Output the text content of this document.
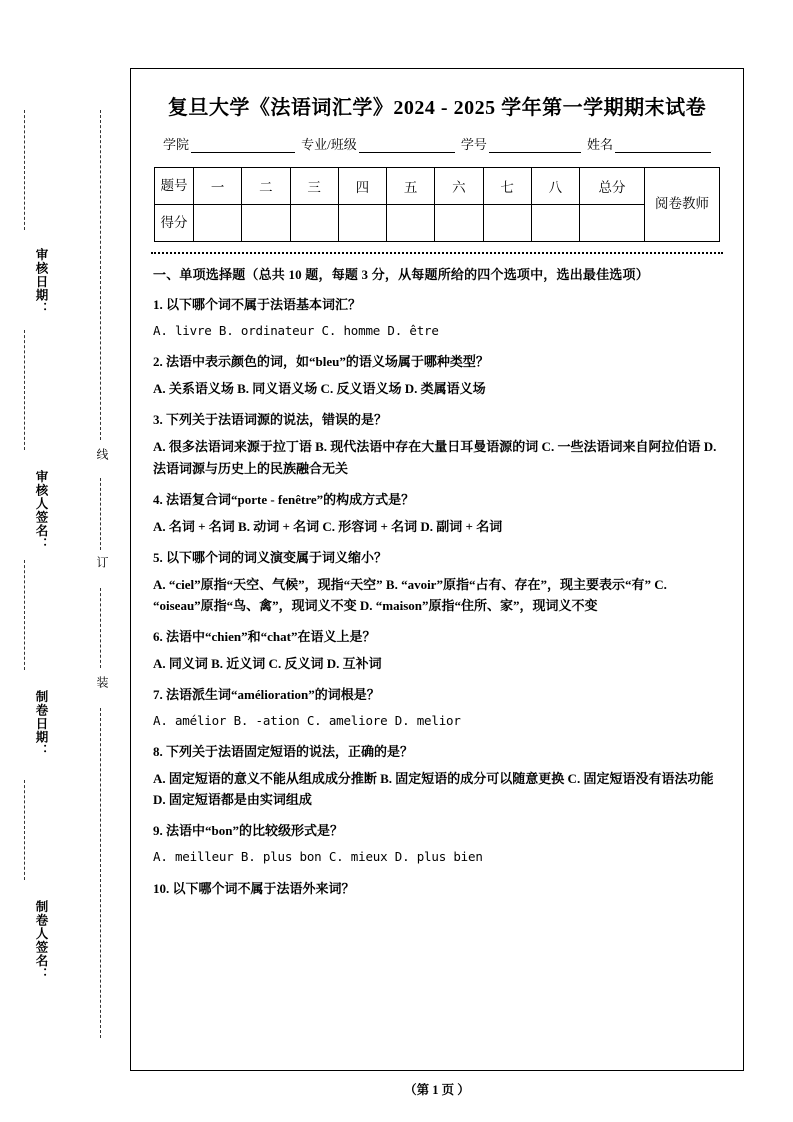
审核日期：
审核人签名：
制卷日期：
制卷人签名：
线
订
装
复旦大学《法语词汇学》2024 - 2025 学年第一学期期末试卷
学院	专业/班级	学号	姓名
题号	一	二	三	四	五	六	七	八	总分	阅卷教师
得分										
一、单项选择题（总共 10 题，每题 3 分，从每题所给的四个选项中，选出最佳选项）
1. 以下哪个词不属于法语基本词汇？
A. livre B. ordinateur C. homme D. être
2. 法语中表示颜色的词，如“bleu”的语义场属于哪种类型？
A. 关系语义场 B. 同义语义场 C. 反义语义场 D. 类属语义场
3. 下列关于法语词源的说法，错误的是？
A. 很多法语词来源于拉丁语 B. 现代法语中存在大量日耳曼语源的词 C. 一些法语词来自阿拉伯语 D. 法语词源与历史上的民族融合无关
4. 法语复合词“porte - fenêtre”的构成方式是？
A. 名词 + 名词 B. 动词 + 名词 C. 形容词 + 名词 D. 副词 + 名词
5. 以下哪个词的词义演变属于词义缩小？
A. “ciel”原指“天空、气候”，现指“天空” B. “avoir”原指“占有、存在”，现主要表示“有” C. “oiseau”原指“鸟、禽”，现词义不变 D. “maison”原指“住所、家”，现词义不变
6. 法语中“chien”和“chat”在语义上是？
A. 同义词 B. 近义词 C. 反义词 D. 互补词
7. 法语派生词“amélioration”的词根是？
A. amélior B. -ation C. ameliore D. melior
8. 下列关于法语固定短语的说法，正确的是？
A. 固定短语的意义不能从组成成分推断 B. 固定短语的成分可以随意更换 C. 固定短语没有语法功能 D. 固定短语都是由实词组成
9. 法语中“bon”的比较级形式是？
A. meilleur B. plus bon C. mieux D. plus bien
10. 以下哪个词不属于法语外来词？
（第 1 页 ）
